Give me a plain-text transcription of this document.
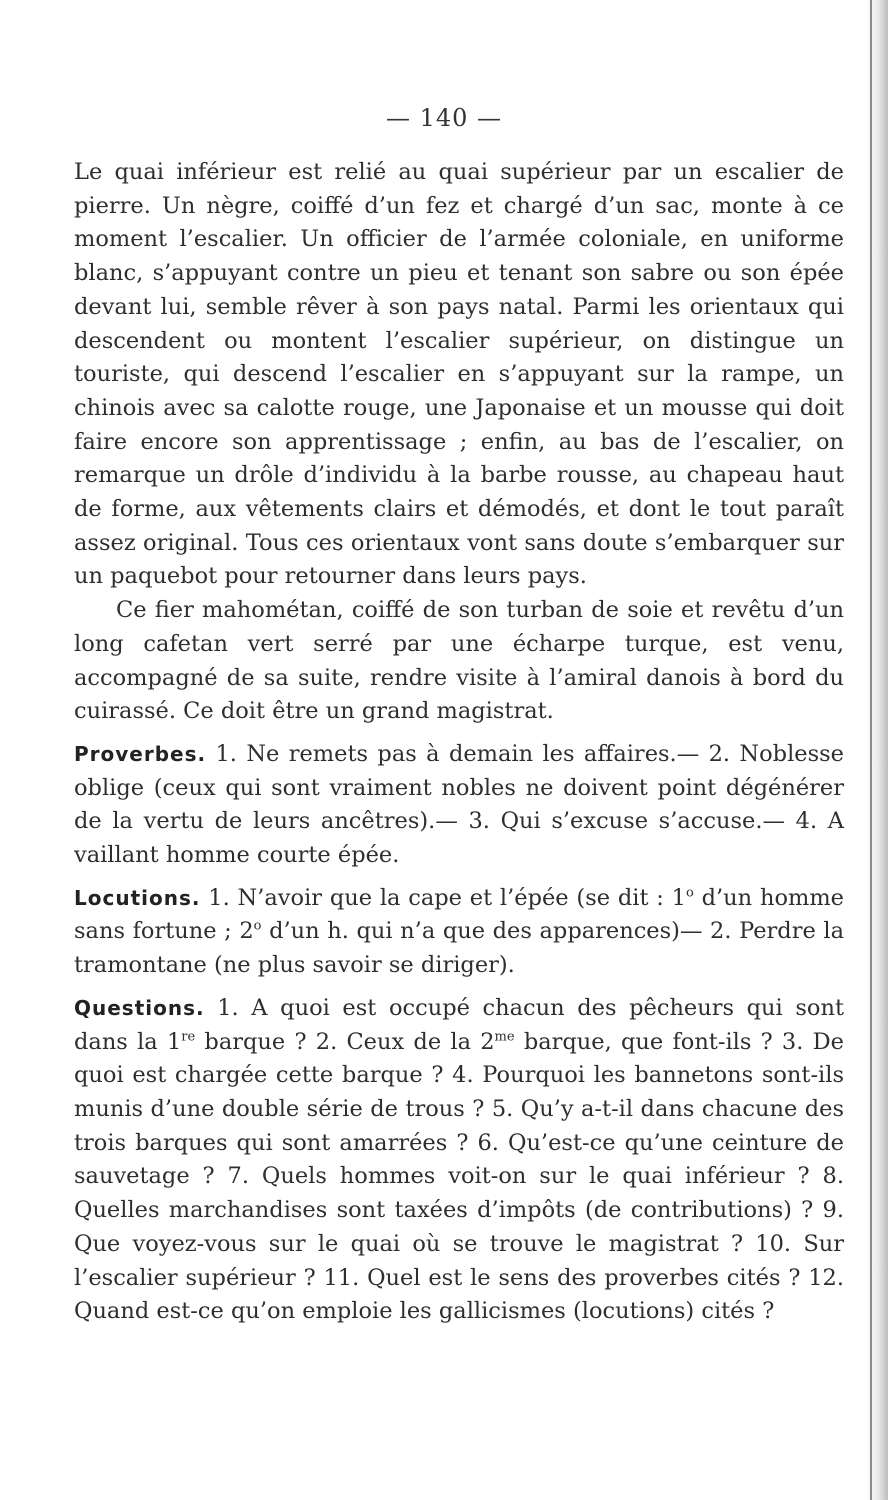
— 140 —

Le quai inférieur est relié au quai supérieur par un escalier de pierre. Un nègre, coiffé d’un fez et chargé d’un sac, monte à ce moment l’escalier. Un officier de l’armée coloniale, en uniforme blanc, s’appuyant contre un pieu et tenant son sabre ou son épée devant lui, semble rêver à son pays natal. Parmi les orientaux qui descendent ou montent l’escalier supérieur, on distingue un touriste, qui descend l’escalier en s’appuyant sur la rampe, un chinois avec sa calotte rouge, une Japonaise et un mousse qui doit faire encore son apprentissage ; enfin, au bas de l’escalier, on remarque un drôle d’individu à la barbe rousse, au chapeau haut de forme, aux vêtements clairs et démodés, et dont le tout paraît assez original. Tous ces orientaux vont sans doute s’embarquer sur un paquebot pour retourner dans leurs pays.

Ce fier mahométan, coiffé de son turban de soie et revêtu d’un long cafetan vert serré par une écharpe turque, est venu, accompagné de sa suite, rendre visite à l’amiral danois à bord du cuirassé. Ce doit être un grand magistrat.

Proverbes. 1. Ne remets pas à demain les affaires.— 2. Noblesse oblige (ceux qui sont vraiment nobles ne doivent point dégénérer de la vertu de leurs ancêtres).— 3. Qui s’excuse s’accuse.— 4. A vaillant homme courte épée.

Locutions. 1. N’avoir que la cape et l’épée (se dit : 1$^o$ d’un homme sans fortune ; 2$^o$ d’un h. qui n’a que des apparences)— 2. Perdre la tramontane (ne plus savoir se diriger).

Questions. 1. A quoi est occupé chacun des pêcheurs qui sont dans la 1re barque ? 2. Ceux de la $2^{me}$ barque, que font-ils ? 3. De quoi est chargée cette barque ? 4. Pourquoi les bannetons sont-ils munis d’une double série de trous ? 5. Qu’y a-t-il dans chacune des trois barques qui sont amarrées ? 6. Qu’est-ce qu’une ceinture de sauvetage ? 7. Quels hommes voit-on sur le quai inférieur ? 8. Quelles marchandises sont taxées d’impôts (de contributions) ? 9. Que voyez-vous sur le quai où se trouve le magistrat ? 10. Sur l’escalier supérieur ? 11. Quel est le sens des proverbes cités ? 12. Quand est-ce qu’on emploie les gallicismes (locutions) cités ?
